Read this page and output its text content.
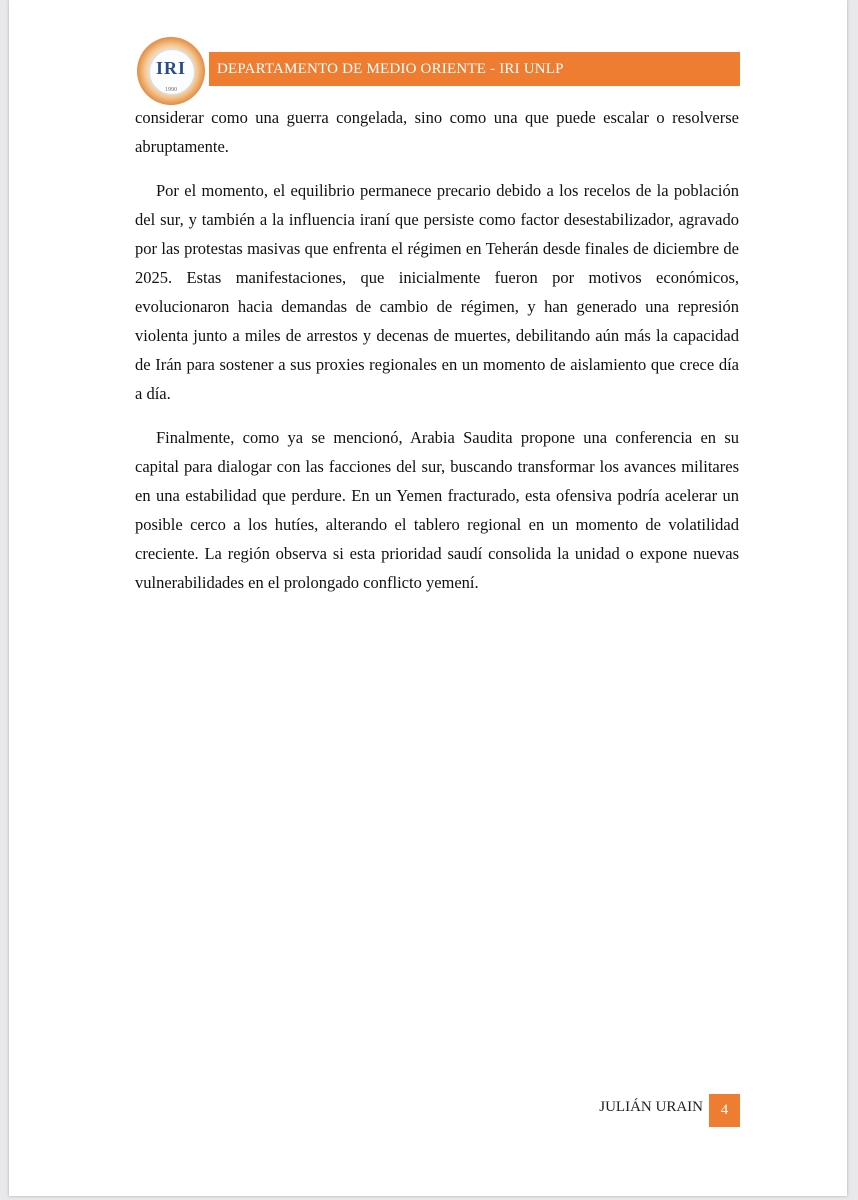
IRI
1990
DEPARTAMENTO DE MEDIO ORIENTE - IRI UNLP

considerar como una guerra congelada, sino como una que puede escalar o resolverse abruptamente.

Por el momento, el equilibrio permanece precario debido a los recelos de la población del sur, y también a la influencia iraní que persiste como factor desestabilizador, agravado por las protestas masivas que enfrenta el régimen en Teherán desde finales de diciembre de 2025. Estas manifestaciones, que inicialmente fueron por motivos económicos, evolucionaron hacia demandas de cambio de régimen, y han generado una represión violenta junto a miles de arrestos y decenas de muertes, debilitando aún más la capacidad de Irán para sostener a sus proxies regionales en un momento de aislamiento que crece día a día.

Finalmente, como ya se mencionó, Arabia Saudita propone una conferencia en su capital para dialogar con las facciones del sur, buscando transformar los avances militares en una estabilidad que perdure. En un Yemen fracturado, esta ofensiva podría acelerar un posible cerco a los hutíes, alterando el tablero regional en un momento de volatilidad creciente. La región observa si esta prioridad saudí consolida la unidad o expone nuevas vulnerabilidades en el prolongado conflicto yemení.

JULIÁN URAIN	4
